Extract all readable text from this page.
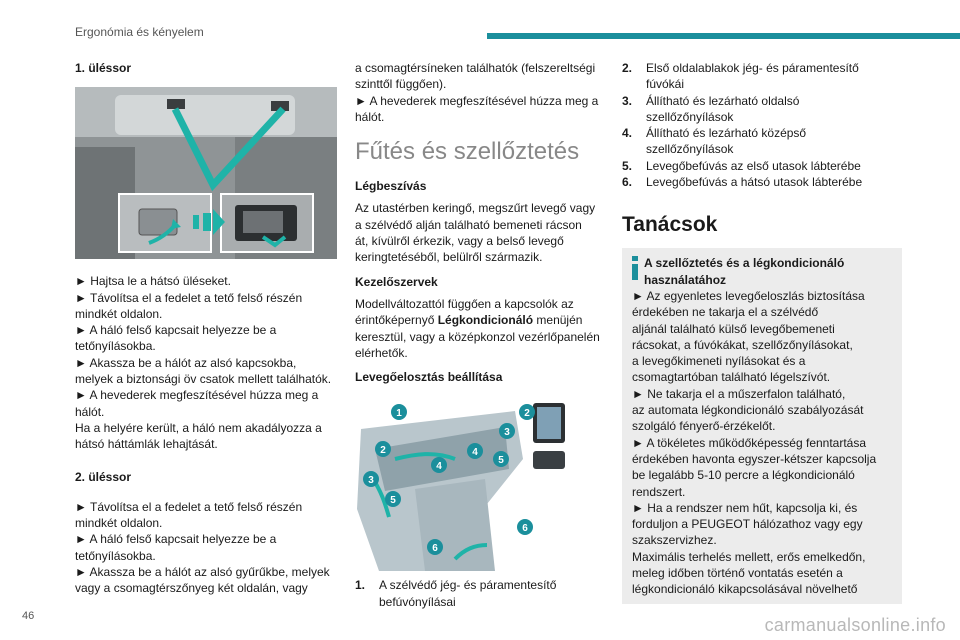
Ergonómia és kényelem

1. üléssor

► Hajtsa le a hátsó üléseket.

► Távolítsa el a fedelet a tető felső részén

mindkét oldalon.

► A háló felső kapcsait helyezze be a

tetőnyílásokba.

► Akassza be a hálót az alsó kapcsokba,

melyek a biztonsági öv csatok mellett találhatók.

► A hevederek megfeszítésével húzza meg a

hálót.

Ha a helyére került, a háló nem akadályozza a

hátsó háttámlák lehajtását.

2. üléssor

► Távolítsa el a fedelet a tető felső részén

mindkét oldalon.

► A háló felső kapcsait helyezze be a

tetőnyílásokba.

► Akassza be a hálót az alsó gyűrűkbe, melyek

vagy a csomagtérszőnyeg két oldalán, vagy

a csomagtérsíneken találhatók (felszereltségi

szinttől függően).

► A hevederek megfeszítésével húzza meg a

hálót.

Fűtés és szellőztetés

Légbeszívás

Az utastérben keringő, megszűrt levegő vagy

a szélvédő alján található bemeneti rácson

át, kívülről érkezik, vagy a belső levegő

keringtetéséből, belülről származik.

Kezelőszervek

Modellváltozattól függően a kapcsolók az

érintőképernyő Légkondicionáló menüjén

keresztül, vagy a középkonzol vezérlőpanelén

elérhetők.

Levegőelosztás beállítása

1	2
2
3
3
4
4
5
5
6
6
1. A szélvédő jég- és páramentesítő
befúvónyílásai
2. Első oldalablakok jég- és páramentesítő
fúvókái
3. Állítható és lezárható oldalsó
szellőzőnyílások
4. Állítható és lezárható középső
szellőzőnyílások
5. Levegőbefúvás az első utasok lábterébe
6. Levegőbefúvás a hátsó utasok lábterébe
Tanácsok
A szellőztetés és a légkondicionáló
használatához

► Az egyenletes levegőeloszlás biztosítása

érdekében ne takarja el a szélvédő

aljánál található külső levegőbemeneti

rácsokat, a fúvókákat, szellőzőnyílásokat,

a levegőkimeneti nyílásokat és a

csomagtartóban található légelszívót.

► Ne takarja el a műszerfalon található,

az automata légkondicionáló szabályozását

szolgáló fényerő-érzékelőt.

► A tökéletes működőképesség fenntartása

érdekében havonta egyszer-kétszer kapcsolja

be legalább 5-10 percre a légkondicionáló

rendszert.

► Ha a rendszer nem hűt, kapcsolja ki, és

forduljon a PEUGEOT hálózathoz vagy egy

szakszervizhez.

Maximális terhelés mellett, erős emelkedőn,

meleg időben történő vontatás esetén a

légkondicionáló kikapcsolásával növelhető

46	carmanualsonline.info
